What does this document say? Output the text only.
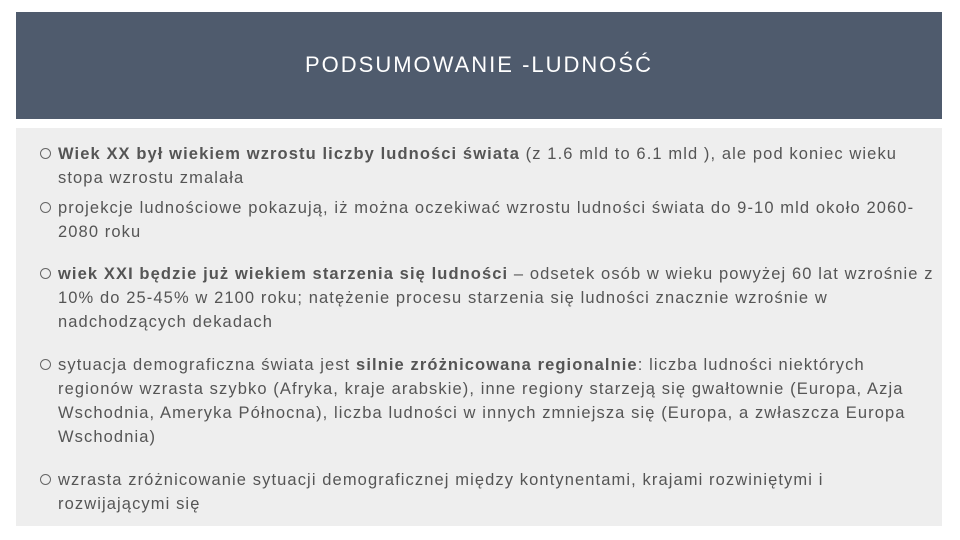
PODSUMOWANIE -LUDNOŚĆ
Wiek XX był wiekiem wzrostu liczby ludności świata (z 1.6 mld to 6.1 mld ), ale pod koniec wieku stopa wzrostu zmalała
projekcje ludnościowe pokazują, iż można oczekiwać wzrostu ludności świata do 9-10 mld około 2060-2080 roku
wiek XXI będzie już wiekiem starzenia się ludności – odsetek osób w wieku powyżej 60 lat wzrośnie z 10% do 25-45% w 2100 roku; natężenie procesu starzenia się ludności znacznie wzrośnie w nadchodzących dekadach
sytuacja demograficzna świata jest silnie zróżnicowana regionalnie: liczba ludności niektórych regionów wzrasta szybko (Afryka, kraje arabskie), inne regiony starzeją się gwałtownie (Europa, Azja Wschodnia, Ameryka Północna), liczba ludności w innych zmniejsza się (Europa, a zwłaszcza Europa Wschodnia)
wzrasta zróżnicowanie sytuacji demograficznej między kontynentami, krajami rozwiniętymi i rozwijającymi się
